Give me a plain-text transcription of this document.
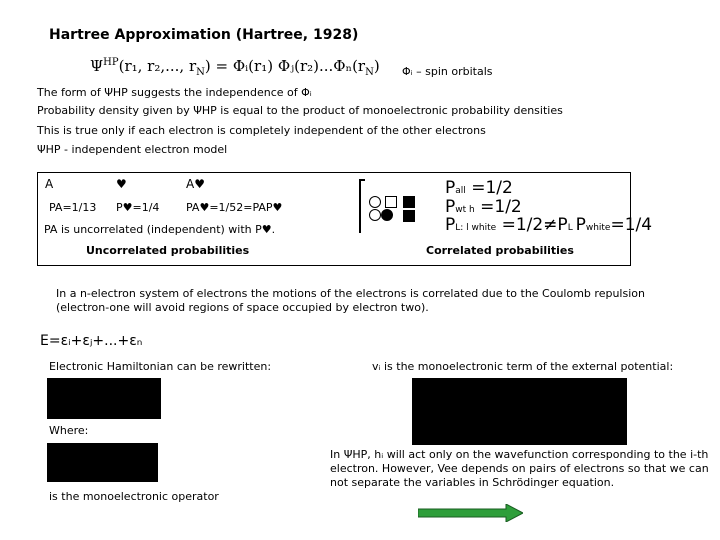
Hartree Approximation (Hartree, 1928)
$\Psi^{HP}(r_1$, r₂,..., $r_N$) = Φᵢ(r₁) $\Phi ⱼ(r_2)...\Phi_n(r_N)$ Φᵢ – spin orbitals
The form of ΨHP suggests the independence of Φᵢ
Probability density given by ΨHP is equal to the product of monoelectronic probability densities
This is true only if each electron is completely independent of the other electrons
ΨHP - independent electron model
A	♥	A♥
PA=1/13 P♥=1/4 PA♥=1/52=PAP♥
PA is uncorrelated (independent) with P♥.
Uncorrelated probabilities
Pall =1/2
Pwt h =1/2
PL: l white =1/2≠PL Pwhite=1/4
Correlated probabilities
In a n-electron system of electrons the motions of the electrons is correlated due to the Coulomb repulsion (electron-one will avoid regions of space occupied by electron two).
E=εᵢ+εⱼ+...+εₙ
Electronic Hamiltonian can be rewritten:	vᵢ is the monoelectronic term of the external potential:
Where:
is the monoelectronic operator
In ΨHP, hᵢ will act only on the wavefunction corresponding to the i-th electron. However, Vee depends on pairs of electrons so that we can not separate the variables in Schrödinger equation.
